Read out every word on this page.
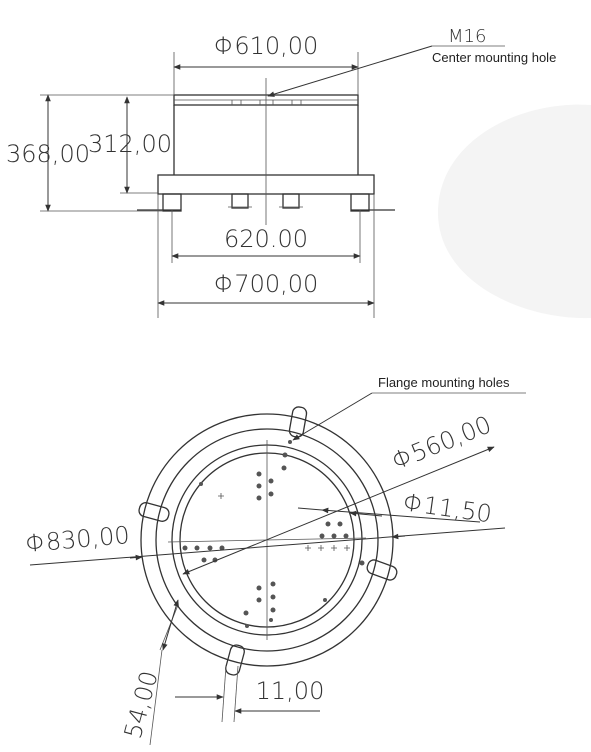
Φ610,00
368,00
312,00
620.00
Φ700,00
M16
Center mounting hole
Flange mounting holes
Φ560,00
Φ11,50
Φ830,00
54,00	11,00
